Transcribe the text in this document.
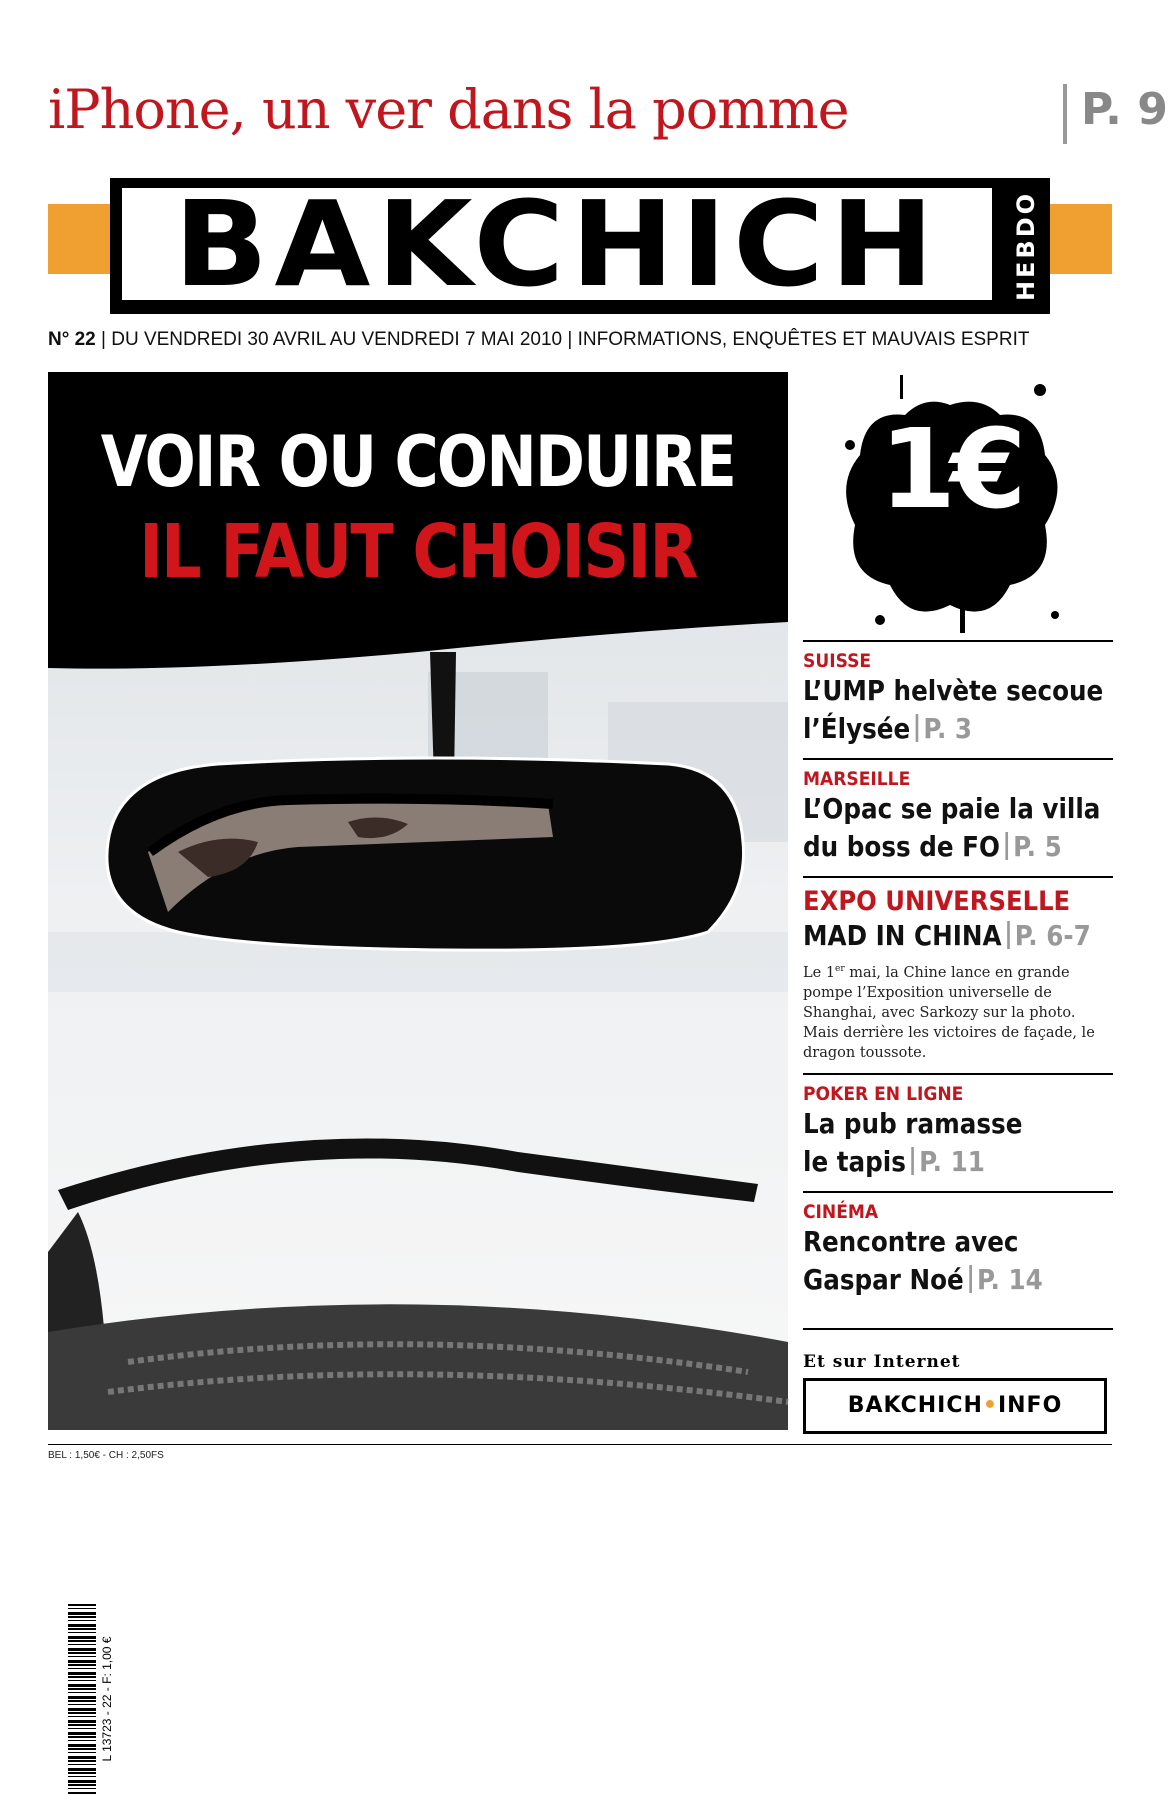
iPhone, un ver dans la pomme	P. 9
BAKCHICH	HEBDO
N° 22 | DU VENDREDI 30 AVRIL AU VENDREDI 7 MAI 2010 | INFORMATIONS, ENQUÊTES ET MAUVAIS ESPRIT
VOIR OU CONDUIRE
IL FAUT CHOISIR
L 13723 - 22 - F: 1,00 €
1€
SUISSE
L’UMP helvète secoue
l’Élysée P. 3
MARSEILLE
L’Opac se paie la villa
du boss de FO P. 5
EXPO UNIVERSELLE
MAD IN CHINA P. 6-7
Le 1er mai, la Chine lance en grande pompe l’Exposition universelle de Shanghai, avec Sarkozy sur la photo. Mais derrière les victoires de façade, le dragon toussote.
POKER EN LIGNE
La pub ramasse
le tapis P. 11
CINÉMA
Rencontre avec
Gaspar Noé P. 14
Et sur Internet
BAKCHICH•INFO
BEL : 1,50€ - CH : 2,50FS
